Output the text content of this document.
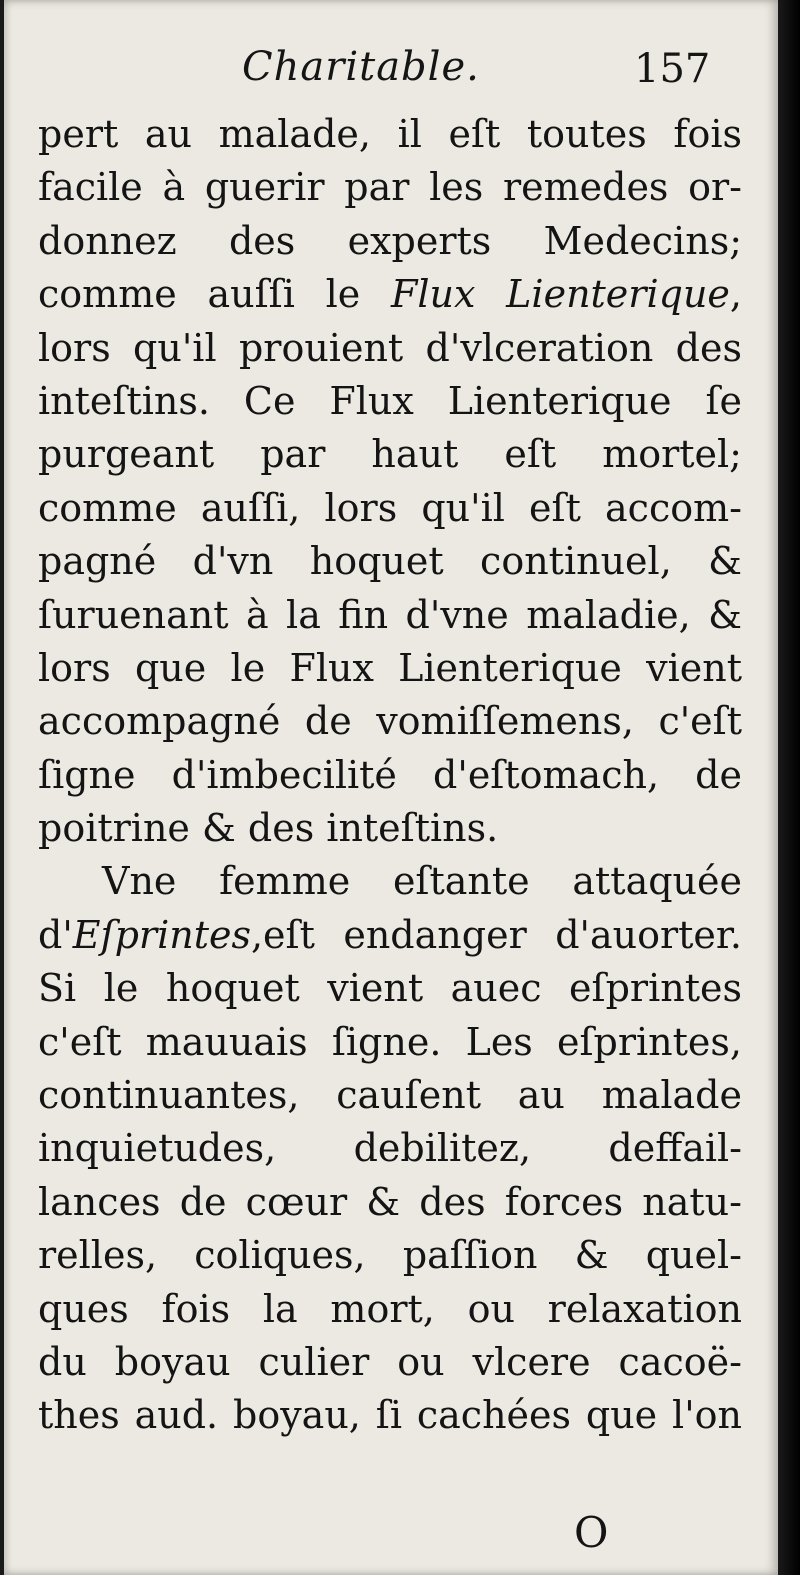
Charitable.	157
pert au malade, il eſt toutes fois
facile à guerir par les remedes or-
donnez des experts Medecins;
comme auſſi le Flux Lienterique,
lors qu'il prouient d'vlceration des
inteſtins. Ce Flux Lienterique ſe
purgeant par haut eſt mortel;
comme auſſi, lors qu'il eſt accom-
pagné d'vn hoquet continuel, &
ſuruenant à la fin d'vne maladie, &
lors que le Flux Lienterique vient
accompagné de vomiſſemens, c'eſt
ſigne d'imbecilité d'eſtomach, de
poitrine & des inteſtins.
Vne femme eſtante attaquée
d'Eſprintes,eſt endanger d'auorter.
Si le hoquet vient auec eſprintes
c'eſt mauuais ſigne. Les eſprintes,
continuantes, cauſent au malade
inquietudes, debilitez, deffail-
lances de cœur & des forces natu-
relles, coliques, paſſion & quel-
ques fois la mort, ou relaxation
du boyau culier ou vlcere cacoë-
thes aud. boyau, ſi cachées que l'on
O
